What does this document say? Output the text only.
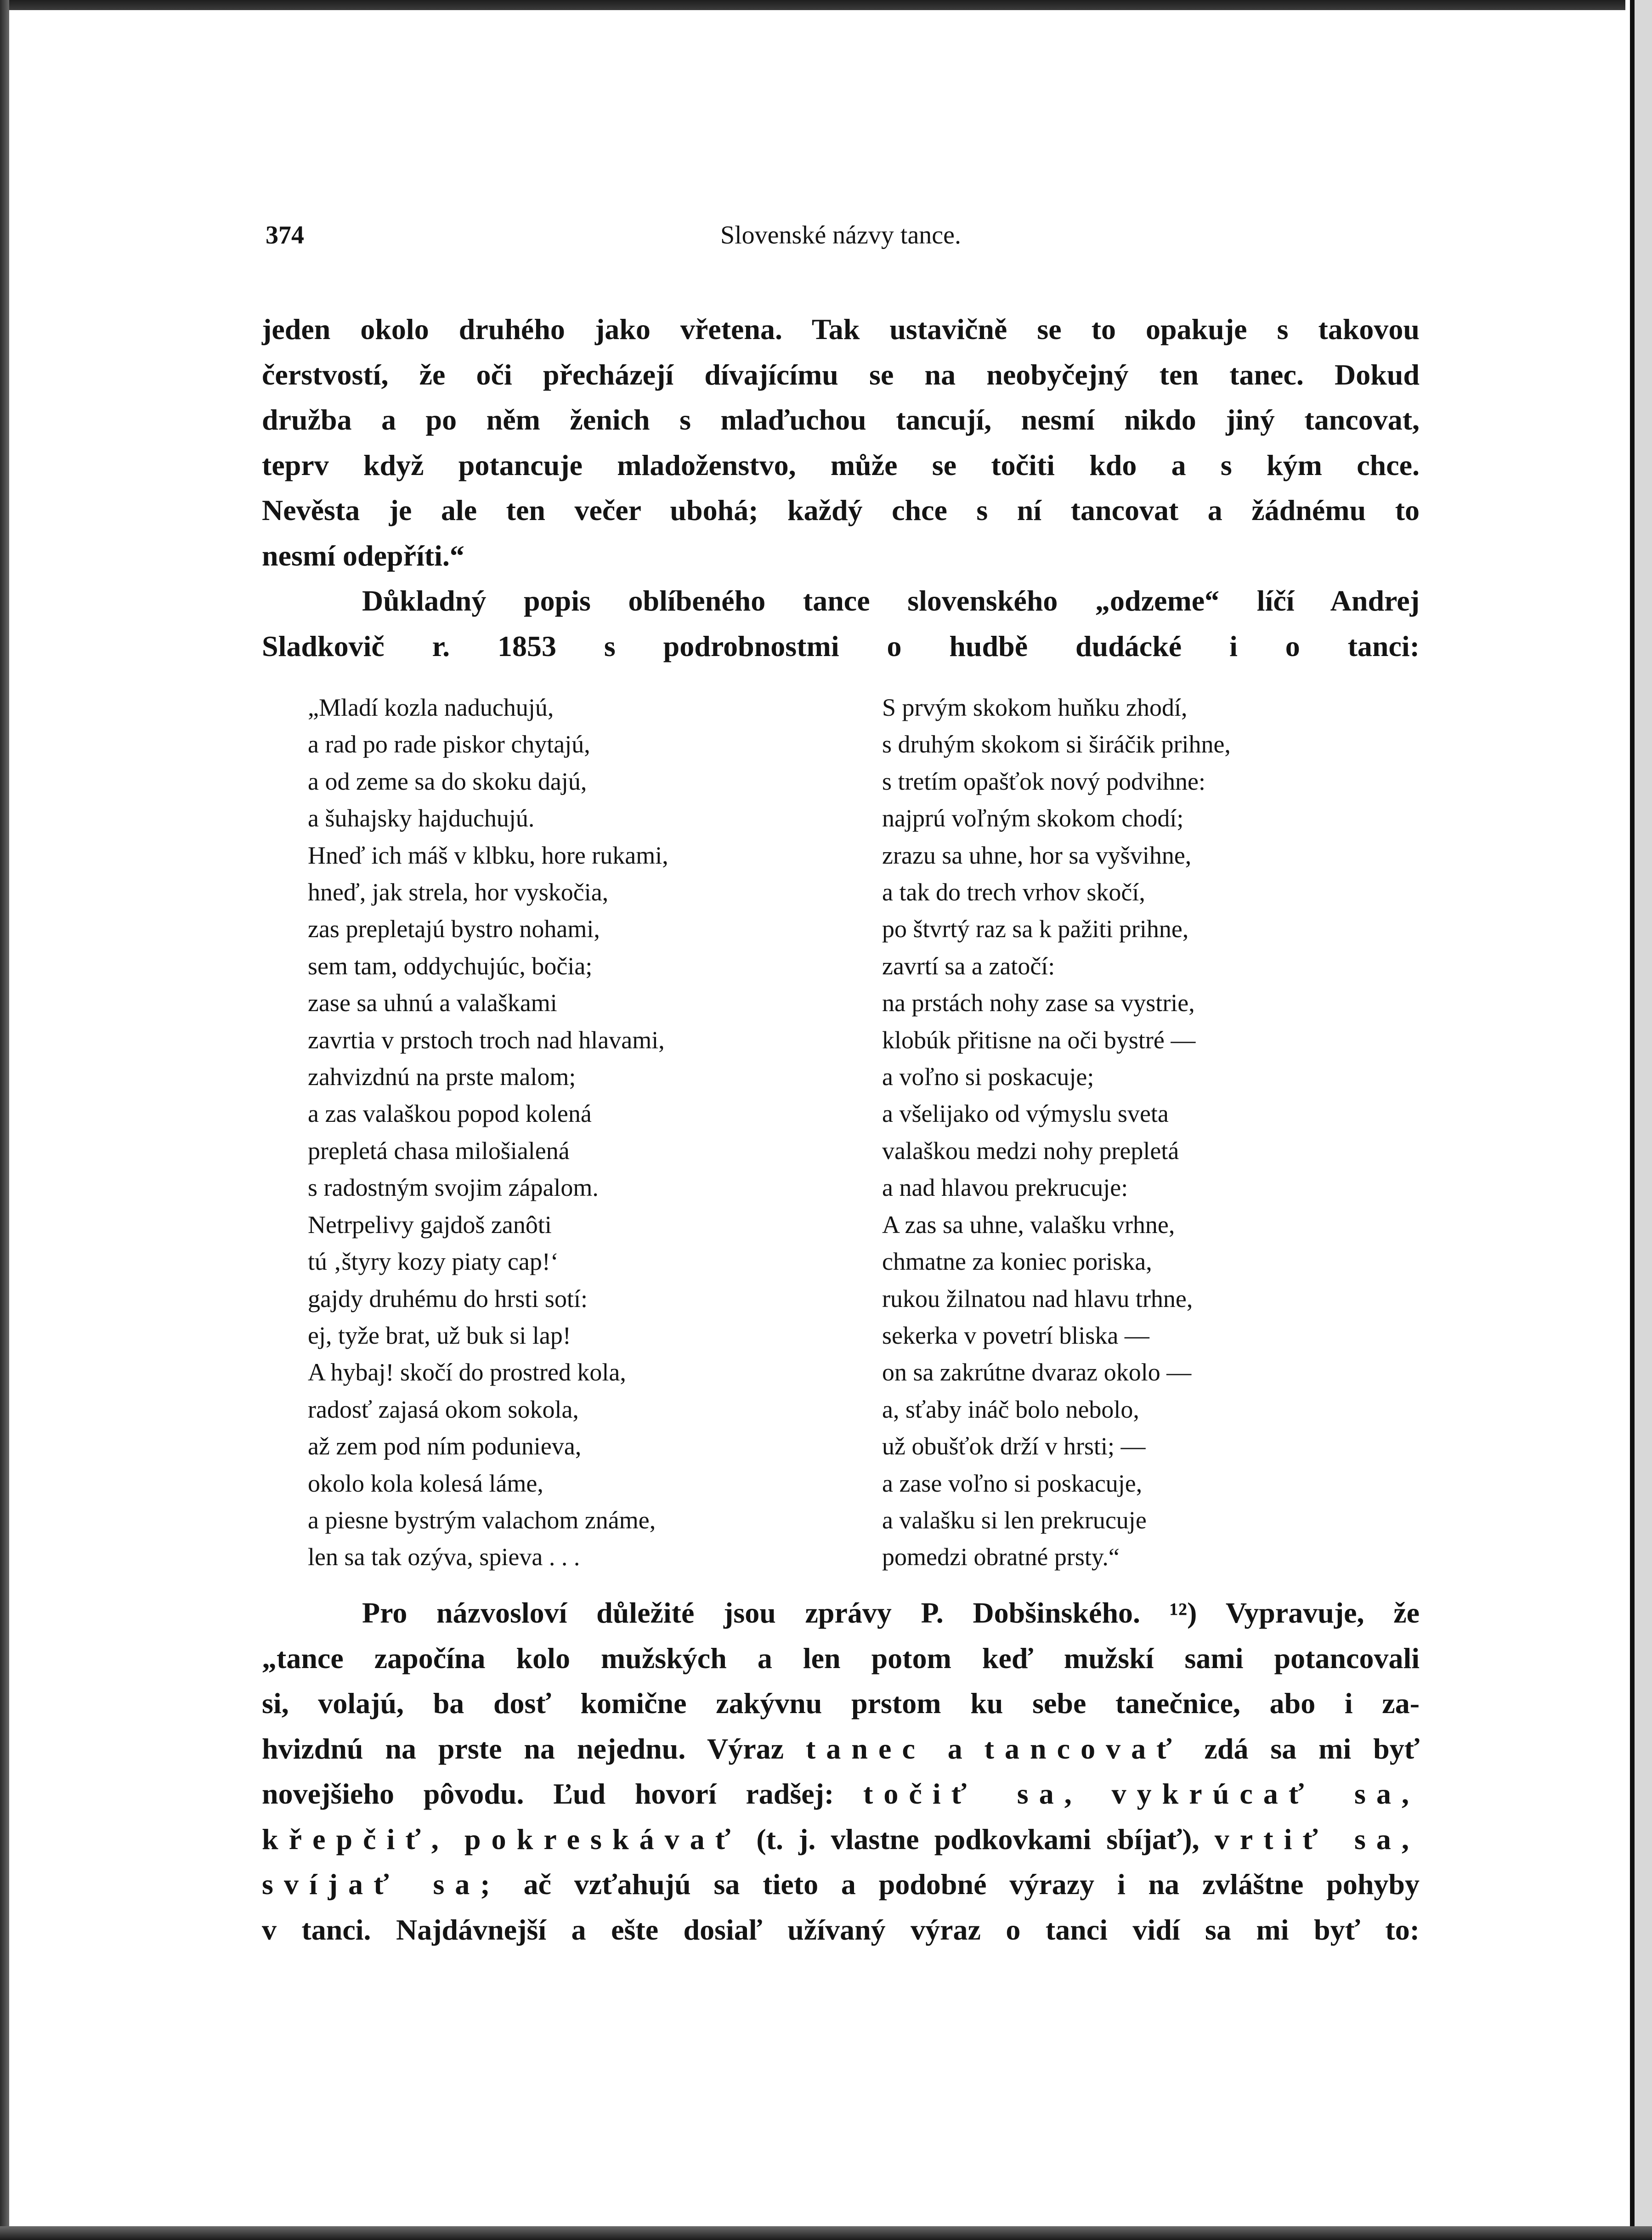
374	Slovenské názvy tance.

jeden okolo druhého jako vřetena. Tak ustavičně se to opakuje s takovou
čerstvostí, že oči přecházejí dívajícímu se na neobyčejný ten tanec. Dokud
družba a po něm ženich s mlaďuchou tancují, nesmí nikdo jiný tancovat,
teprv když potancuje mladoženstvo, může se točiti kdo a s kým chce.
Nevěsta je ale ten večer ubohá; každý chce s ní tancovat a žádnému to
nesmí odepříti.“

Důkladný popis oblíbeného tance slovenského „odzeme“ líčí Andrej
Sladkovič r. 1853 s podrobnostmi o hudbě dudácké i o tanci:

„Mladí kozla naduchujú,
a rad po rade piskor chytajú,
a od zeme sa do skoku dajú,
a šuhajsky hajduchujú.
Hneď ich máš v klbku, hore rukami,
hneď, jak strela, hor vyskočia,
zas prepletajú bystro nohami,
sem tam, oddychujúc, bočia;
zase sa uhnú a valaškami
zavrtia v prstoch troch nad hlavami,
zahvizdnú na prste malom;
a zas valaškou popod kolená
prepletá chasa milošialená
s radostným svojim zápalom.
Netrpelivy gajdoš zanôti
tú ‚štyry kozy piaty cap!‘
gajdy druhému do hrsti sotí:
ej, tyže brat, už buk si lap!
A hybaj! skočí do prostred kola,
radosť zajasá okom sokola,
až zem pod ním podunieva,
okolo kola kolesá láme,
a piesne bystrým valachom známe,
len sa tak ozýva, spieva . . .
S prvým skokom huňku zhodí,
s druhým skokom si širáčik prihne,
s tretím opašťok nový podvihne:
najprú voľným skokom chodí;
zrazu sa uhne, hor sa vyšvihne,
a tak do trech vrhov skočí,
po štvrtý raz sa k pažiti prihne,
zavrtí sa a zatočí:
na prstách nohy zase sa vystrie,
klobúk přitisne na oči bystré —
a voľno si poskacuje;
a všelijako od výmyslu sveta
valaškou medzi nohy prepletá
a nad hlavou prekrucuje:
A zas sa uhne, valašku vrhne,
chmatne za koniec poriska,
rukou žilnatou nad hlavu trhne,
sekerka v povetrí bliska —
on sa zakrútne dvaraz okolo —
a, sťaby ináč bolo nebolo,
už obušťok drží v hrsti; —
a zase voľno si poskacuje,
a valašku si len prekrucuje
pomedzi obratné prsty.“

Pro názvosloví důležité jsou zprávy P. Dobšinského. ¹²) Vypravuje, že
„tance započína kolo mužských a len potom keď mužskí sami potancovali
si, volajú, ba dosť komične zakývnu prstom ku sebe tanečnice, abo i za-
hvizdnú na prste na nejednu. Výraz tanec a tancovať zdá sa mi byť
novejšieho pôvodu. Ľud hovorí radšej: točiť sa, vykrúcať sa,
křepčiť, pokreskávať (t. j. vlastne podkovkami sbíjať), vrtiť sa,
svíjať sa; ač vzťahujú sa tieto a podobné výrazy i na zvláštne pohyby
v tanci. Najdávnejší a ešte dosiaľ užívaný výraz o tanci vidí sa mi byť to:
